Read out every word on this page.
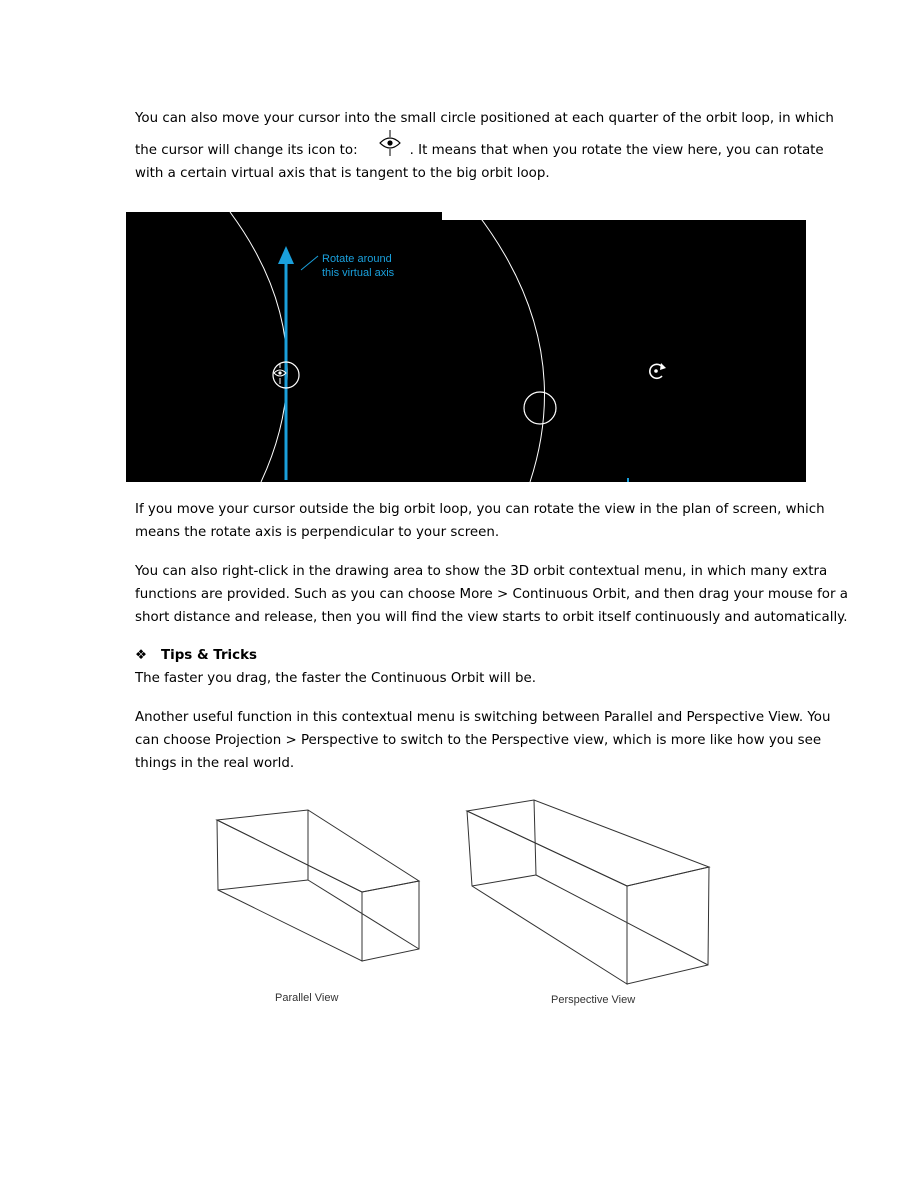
You can also move your cursor into the small circle positioned at each quarter of the orbit loop, in which the cursor will change its icon to:	. It means that when you rotate the view here, you can rotate with a certain virtual axis that is tangent to the big orbit loop.

Rotate around
this virtual axis

If you move your cursor outside the big orbit loop, you can rotate the view in the plan of screen, which means the rotate axis is perpendicular to your screen.

You can also right-click in the drawing area to show the 3D orbit contextual menu, in which many extra functions are provided. Such as you can choose More > Continuous Orbit, and then drag your mouse for a short distance and release, then you will find the view starts to orbit itself continuously and automatically.

❖ Tips & Tricks

The faster you drag, the faster the Continuous Orbit will be.

Another useful function in this contextual menu is switching between Parallel and Perspective View. You can choose Projection > Perspective to switch to the Perspective view, which is more like how you see things in the real world.

Parallel View	Perspective View
